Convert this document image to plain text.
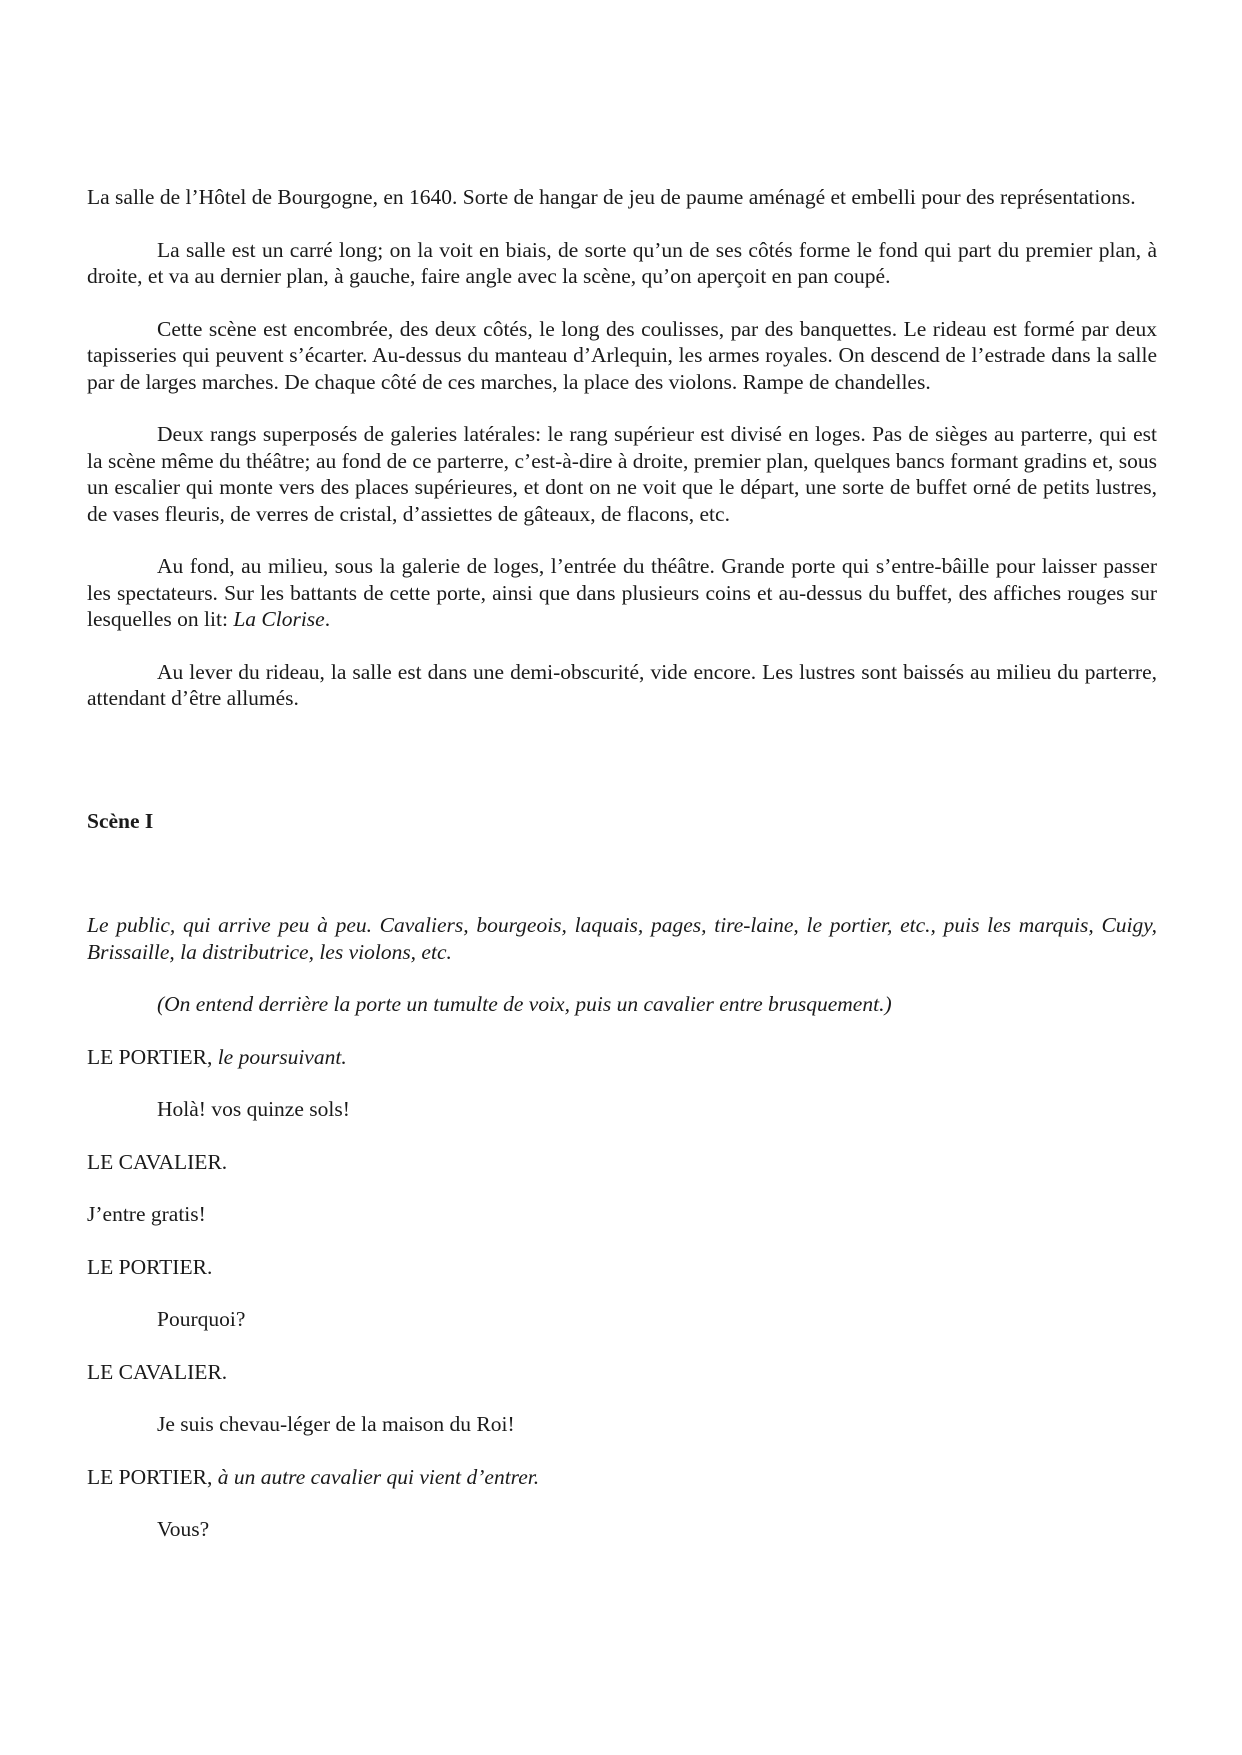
La salle de l’Hôtel de Bourgogne, en 1640. Sorte de hangar de jeu de paume aménagé et embelli pour des représentations.

La salle est un carré long; on la voit en biais, de sorte qu’un de ses côtés forme le fond qui part du premier plan, à droite, et va au dernier plan, à gauche, faire angle avec la scène, qu’on aperçoit en pan coupé.

Cette scène est encombrée, des deux côtés, le long des coulisses, par des banquettes. Le rideau est formé par deux tapisseries qui peuvent s’écarter. Au-dessus du manteau d’Arlequin, les armes royales. On descend de l’estrade dans la salle par de larges marches. De chaque côté de ces marches, la place des violons. Rampe de chandelles.

Deux rangs superposés de galeries latérales: le rang supérieur est divisé en loges. Pas de sièges au parterre, qui est la scène même du théâtre; au fond de ce parterre, c’est-à-dire à droite, premier plan, quelques bancs formant gradins et, sous un escalier qui monte vers des places supérieures, et dont on ne voit que le départ, une sorte de buffet orné de petits lustres, de vases fleuris, de verres de cristal, d’assiettes de gâteaux, de flacons, etc.

Au fond, au milieu, sous la galerie de loges, l’entrée du théâtre. Grande porte qui s’entre-bâille pour laisser passer les spectateurs. Sur les battants de cette porte, ainsi que dans plusieurs coins et au-dessus du buffet, des affiches rouges sur lesquelles on lit: La Clorise.

Au lever du rideau, la salle est dans une demi-obscurité, vide encore. Les lustres sont baissés au milieu du parterre, attendant d’être allumés.

Scène I

Le public, qui arrive peu à peu. Cavaliers, bourgeois, laquais, pages, tire-laine, le portier, etc., puis les marquis, Cuigy, Brissaille, la distributrice, les violons, etc.

(On entend derrière la porte un tumulte de voix, puis un cavalier entre brusquement.)

LE PORTIER, le poursuivant.

Holà! vos quinze sols!

LE CAVALIER.

J’entre gratis!

LE PORTIER.

Pourquoi?

LE CAVALIER.

Je suis chevau-léger de la maison du Roi!

LE PORTIER, à un autre cavalier qui vient d’entrer.

Vous?
